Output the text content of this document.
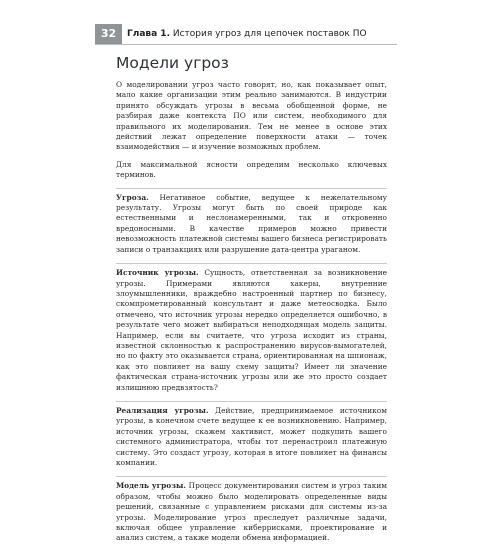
32	Глава 1. История угроз для цепочек поставок ПО
Модели угроз

О моделировании угроз часто говорят, но, как показывает опыт, мало какие организации этим реально занимаются. В индустрии принято обсуждать угрозы в весьма обобщенной форме, не разбирая даже контекста ПО или систем, необходимого для правильного их моделирования. Тем не менее в основе этих действий лежат определение поверхности атаки — точек взаимодействия — и изучение возможных проблем.

Для максимальной ясности определим несколько ключевых терминов.

Угроза. Негативное событие, ведущее к нежелательному результату. Угрозы могут быть по своей природе как естественными и неслонамеренными, так и откровенно вредоносными. В качестве примеров можно привести невозможность платежной системы вашего бизнеса регистрировать записи о транзакциях или разрушение дата-центра ураганом.

Источник угрозы. Сущность, ответственная за возникновение угрозы. Примерами являются хакеры, внутренние злоумышленники, враждебно настроенный партнер по бизнесу, скомпрометированный консультант и даже метеосводка. Было отмечено, что источник угрозы нередко определяется ошибочно, в результате чего может выбираться неподходящая модель защиты. Например, если вы считаете, что угроза исходит из страны, известной склонностью к распространению вирусов-вымогателей, но по факту это оказывается страна, ориентированная на шпионаж, как это повлияет на вашу схему защиты? Имеет ли значение фактическая страна-источник угрозы или же это просто создает излишнюю предвзятость?

Реализация угрозы. Действие, предпринимаемое источником угрозы, в конечном счете ведущее к ее возникновению. Например, источник угрозы, скажем хактивист, может подкупить вашего системного администратора, чтобы тот перенастроил платежную систему. Это создаст угрозу, которая в итоге повлияет на финансы компании.

Модель угрозы. Процесс документирования систем и угроз таким образом, чтобы можно было моделировать определенные виды решений, связанные с управлением рисками для системы из-за угрозы. Моделирование угроз преследует различные задачи, включая общее управление киберрисками, проектирование и анализ систем, а также модели обмена информацией.
